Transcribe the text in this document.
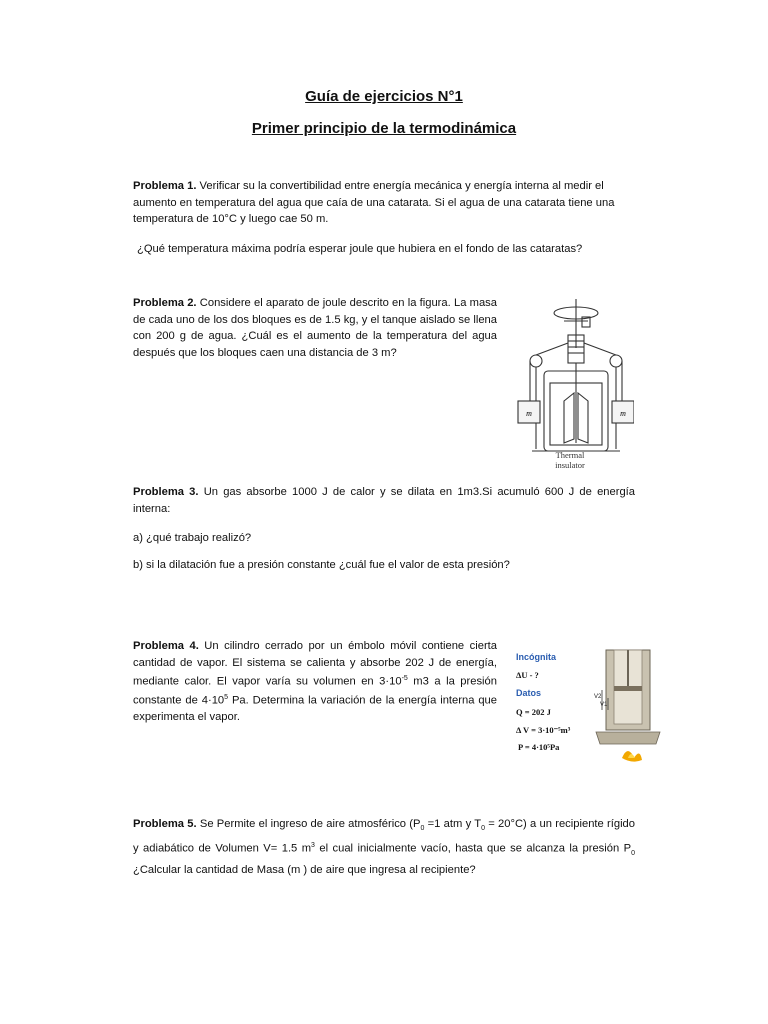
Guía de ejercicios N°1
Primer principio de la termodinámica

Problema 1. Verificar su la convertibilidad entre energía mecánica y energía interna al medir el aumento en temperatura del agua que caía de una catarata. Si el agua de una catarata tiene una temperatura de 10°C y luego cae 50 m.

¿Qué temperatura máxima podría esperar joule que hubiera en el fondo de las cataratas?

Problema 2. Considere el aparato de joule descrito en la figura. La masa de cada uno de los dos bloques es de 1.5 kg, y el tanque aislado se llena con 200 g de agua. ¿Cuál es el aumento de la temperatura del agua después que los bloques caen una distancia de 3 m?

m	m
Thermal
insulator

Problema 3. Un gas absorbe 1000 J de calor y se dilata en 1m3.Si acumuló 600 J de energía interna:

a) ¿qué trabajo realizó?

b) si la dilatación fue a presión constante ¿cuál fue el valor de esta presión?

Problema 4. Un cilindro cerrado por un émbolo móvil contiene cierta cantidad de vapor. El sistema se calienta y absorbe 202 J de energía, mediante calor. El vapor varía su volumen en $3\cdot 10^{-5}$ m3 a la presión constante de $4\cdot 10^5$ Pa. Determina la variación de la energía interna que experimenta el vapor.

Incógnita
ΔU - ?
Datos
Q = 202 J
Δ V = 3·10⁻⁵m³
P = 4·10⁵Pa
V2
V1

Problema 5. Se Permite el ingreso de aire atmosférico ($P_0 =1$ atm y $T_0 = 20^\circ C$) a un recipiente rígido y adiabático de Volumen V= 1.5 $m^3$ el cual inicialmente vacío, hasta que se alcanza la presión $P_0$ ¿Calcular la cantidad de Masa (m ) de aire que ingresa al recipiente?
